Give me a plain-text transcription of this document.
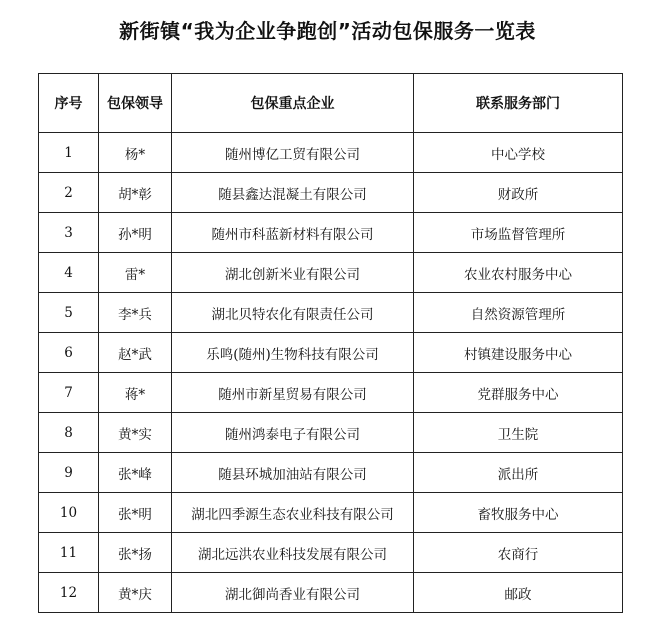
新街镇“我为企业争跑创”活动包保服务一览表
序号	包保领导	包保重点企业	联系服务部门
1	杨*	随州博亿工贸有限公司	中心学校
2	胡*彰	随县鑫达混凝土有限公司	财政所
3	孙*明	随州市科蓝新材料有限公司	市场监督管理所
4	雷*	湖北创新米业有限公司	农业农村服务中心
5	李*兵	湖北贝特农化有限责任公司	自然资源管理所
6	赵*武	乐鸣(随州)生物科技有限公司	村镇建设服务中心
7	蒋*	随州市新星贸易有限公司	党群服务中心
8	黄*实	随州鸿泰电子有限公司	卫生院
9	张*峰	随县环城加油站有限公司	派出所
10	张*明	湖北四季源生态农业科技有限公司	畜牧服务中心
11	张*扬	湖北远洪农业科技发展有限公司	农商行
12	黄*庆	湖北御尚香业有限公司	邮政
